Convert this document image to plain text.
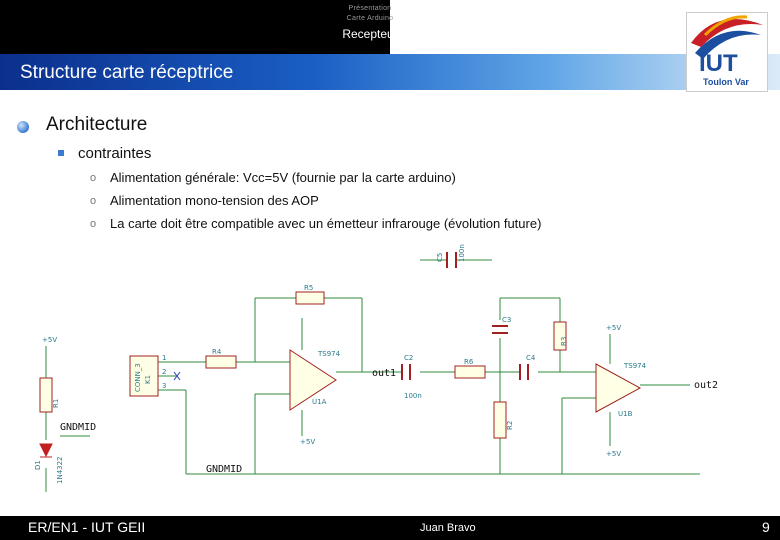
Présentation
Carte Arduino
Recepteur
Structure carte réceptrice	IUT
Toulon Var
Architecture
contraintes
o Alimentation générale: Vcc=5V (fournie par la carte arduino)
o Alimentation mono-tension des AOP
o La carte doit être compatible avec un émetteur infrarouge (évolution future)
R5
R4
R6
C2
C3
C4
100n
TS974
TS974
U1A
U1B
1
2
3
+5V
+5V
+5V
+5V
R1
R3
R2
C5 100n
D1 1N4322
CONN_3 K1
out1
out2
GNDMID
GNDMID
ER/EN1 - IUT GEII	Juan Bravo	9
